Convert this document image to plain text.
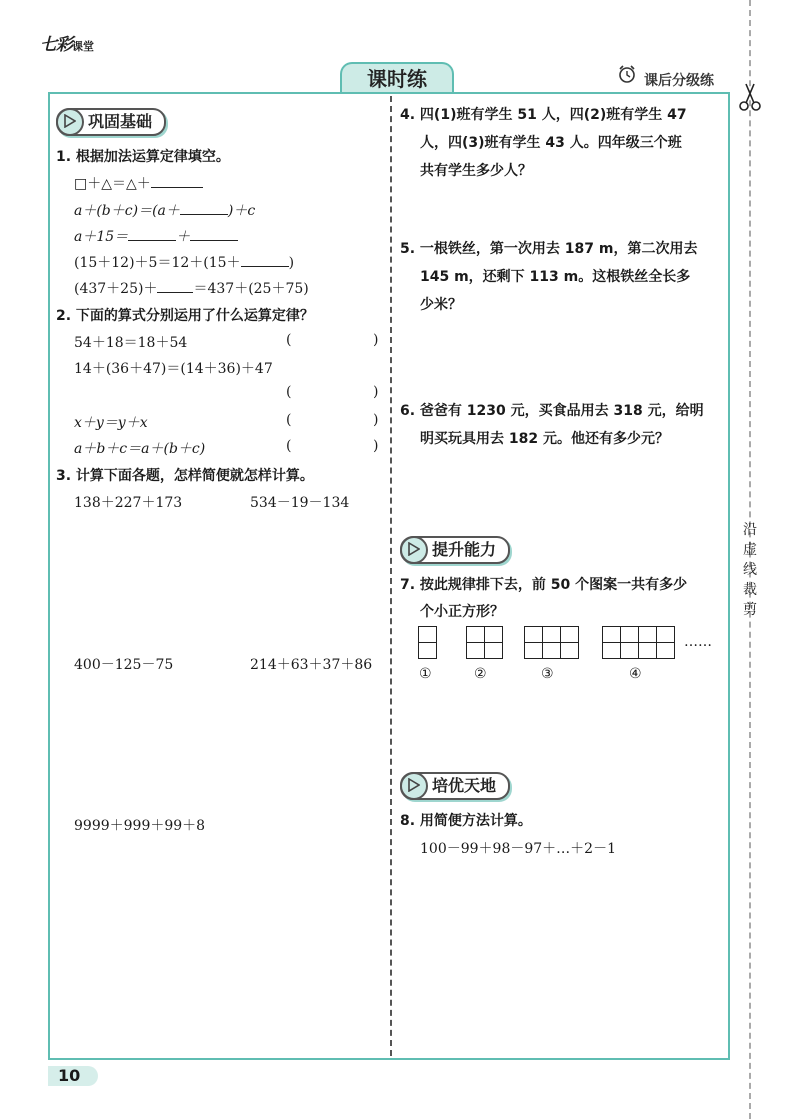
七彩课堂
课时练	课后分级练
沿虚线裁剪
巩固基础
1. 根据加法运算定律填空。
□＋△＝△＋
a＋(b＋c)＝(a＋	)＋c
a＋15＝	＋
(15＋12)＋5＝12＋(15＋	)
(437＋25)＋	＝437＋(25＋75)
2. 下面的算式分别运用了什么运算定律？
54＋18＝18＋54	(	)
14＋(36＋47)＝(14＋36)＋47
(	)
x＋y＝y＋x	(	)
a＋b＋c＝a＋(b＋c)	(	)
3. 计算下面各题，怎样简便就怎样计算。
138＋227＋173	534－19－134
400－125－75	214＋63＋37＋86
9999＋999＋99＋8
4. 四(1)班有学生 51 人，四(2)班有学生 47
人，四(3)班有学生 43 人。四年级三个班
共有学生多少人？
5. 一根铁丝，第一次用去 187 m，第二次用去
145 m，还剩下 113 m。这根铁丝全长多
少米？
6. 爸爸有 1230 元，买食品用去 318 元，给明
明买玩具用去 182 元。他还有多少元？
提升能力
7. 按此规律排下去，前 50 个图案一共有多少
个小正方形？

……
①	②	③	④
培优天地
8. 用简便方法计算。
100－99＋98－97＋…＋2－1
10
